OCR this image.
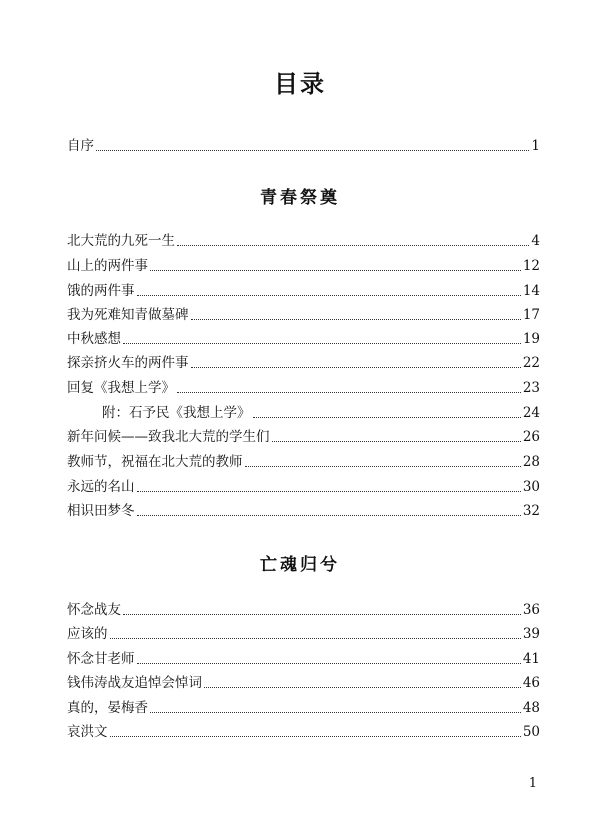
目录
自序	1
青春祭奠
北大荒的九死一生	4
山上的两件事	12
饿的两件事	14
我为死难知青做墓碑	17
中秋感想	19
探亲挤火车的两件事	22
回复《我想上学》	23
附：石予民《我想上学》	24
新年问候——致我北大荒的学生们	26
教师节，祝福在北大荒的教师	28
永远的名山	30
相识田梦冬	32
亡魂归兮
怀念战友	36
应该的	39
怀念甘老师	41
钱伟涛战友追悼会悼词	46
真的，晏梅香	48
哀洪文	50
1
